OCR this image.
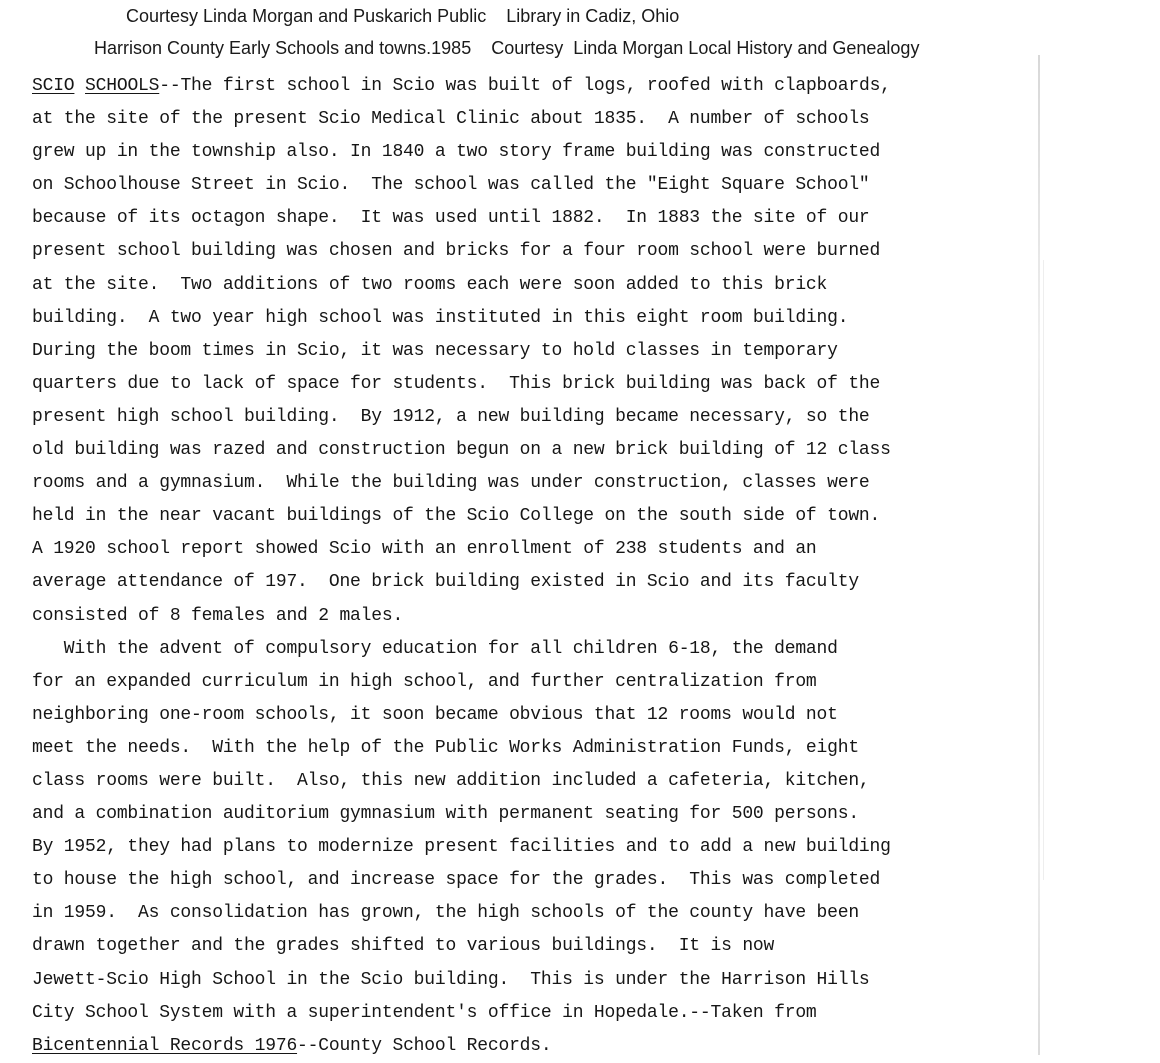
Courtesy Linda Morgan and Puskarich Public    Library in Cadiz, Ohio
Harrison County Early Schools and towns.1985    Courtesy  Linda Morgan Local History and Genealogy
SCIO SCHOOLS--The first school in Scio was built of logs, roofed with clapboards,
at the site of the present Scio Medical Clinic about 1835.  A number of schools
grew up in the township also. In 1840 a two story frame building was constructed
on Schoolhouse Street in Scio.  The school was called the "Eight Square School"
because of its octagon shape.  It was used until 1882.  In 1883 the site of our
present school building was chosen and bricks for a four room school were burned
at the site.  Two additions of two rooms each were soon added to this brick
building.  A two year high school was instituted in this eight room building.
During the boom times in Scio, it was necessary to hold classes in temporary
quarters due to lack of space for students.  This brick building was back of the
present high school building.  By 1912, a new building became necessary, so the
old building was razed and construction begun on a new brick building of 12 class
rooms and a gymnasium.  While the building was under construction, classes were
held in the near vacant buildings of the Scio College on the south side of town.
A 1920 school report showed Scio with an enrollment of 238 students and an
average attendance of 197.  One brick building existed in Scio and its faculty
consisted of 8 females and 2 males.
With the advent of compulsory education for all children 6-18, the demand
for an expanded curriculum in high school, and further centralization from
neighboring one-room schools, it soon became obvious that 12 rooms would not
meet the needs.  With the help of the Public Works Administration Funds, eight
class rooms were built.  Also, this new addition included a cafeteria, kitchen,
and a combination auditorium gymnasium with permanent seating for 500 persons.
By 1952, they had plans to modernize present facilities and to add a new building
to house the high school, and increase space for the grades.  This was completed
in 1959.  As consolidation has grown, the high schools of the county have been
drawn together and the grades shifted to various buildings.  It is now
Jewett-Scio High School in the Scio building.  This is under the Harrison Hills
City School System with a superintendent's office in Hopedale.--Taken from
Bicentennial Records 1976--County School Records.
